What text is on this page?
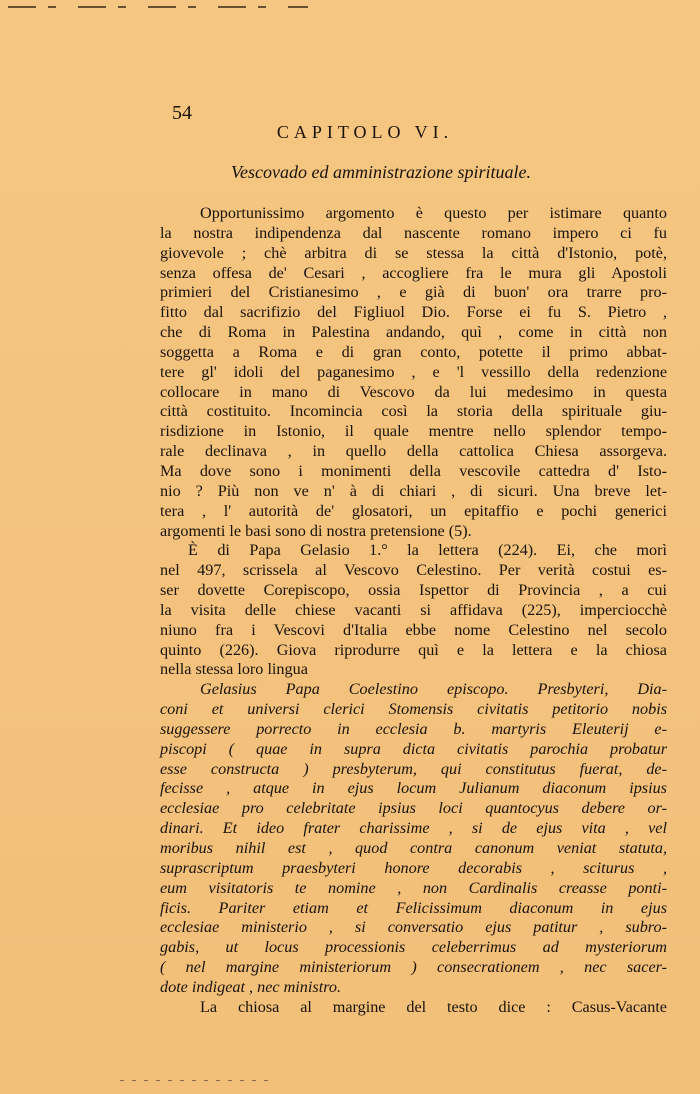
54
CAPITOLO VI.
Vescovado ed amministrazione spirituale.
Opportunissimo argomento è questo per istimare quanto
la nostra indipendenza dal nascente romano impero ci fu
giovevole ; chè arbitra di se stessa la città d'Istonio, potè,
senza offesa de' Cesari , accogliere fra le mura gli Apostoli
primieri del Cristianesimo , e già di buon' ora trarre pro-
fitto dal sacrifizio del Figliuol Dio. Forse ei fu S. Pietro ,
che di Roma in Palestina andando, quì , come in città non
soggetta a Roma e di gran conto, potette il primo abbat-
tere gl' idoli del paganesimo , e 'l vessillo della redenzione
collocare in mano di Vescovo da lui medesimo in questa
città costituito. Incomincia così la storia della spirituale giu-
risdizione in Istonio, il quale mentre nello splendor tempo-
rale declinava , in quello della cattolica Chiesa assorgeva.
Ma dove sono i monimenti della vescovile cattedra d' Isto-
nio ? Più non ve n' à di chiari , di sicuri. Una breve let-
tera , l' autorità de' glosatori, un epitaffio e pochi generici
argomenti le basi sono di nostra pretensione (5).
È di Papa Gelasio 1.° la lettera (224). Ei, che morì
nel 497, scrissela al Vescovo Celestino. Per verità costui es-
ser dovette Corepiscopo, ossia Ispettor di Provincia , a cui
la visita delle chiese vacanti si affidava (225), imperciocchè
niuno fra i Vescovi d'Italia ebbe nome Celestino nel secolo
quinto (226). Giova riprodurre quì e la lettera e la chiosa
nella stessa loro lingua
Gelasius Papa Coelestino episcopo. Presbyteri, Dia-
coni et universi clerici Stomensis civitatis petitorio nobis
suggessere porrecto in ecclesia b. martyris Eleuterij e-
piscopi ( quae in supra dicta civitatis parochia probatur
esse constructa ) presbyterum, qui constitutus fuerat, de-
fecisse , atque in ejus locum Julianum diaconum ipsius
ecclesiae pro celebritate ipsius loci quantocyus debere or-
dinari. Et ideo frater charissime , si de ejus vita , vel
moribus nihil est , quod contra canonum veniat statuta,
suprascriptum praesbyteri honore decorabis , sciturus ,
eum visitatoris te nomine , non Cardinalis creasse ponti-
ficis. Pariter etiam et Felicissimum diaconum in ejus
ecclesiae ministerio , si conversatio ejus patitur , subro-
gabis, ut locus processionis celeberrimus ad mysteriorum
( nel margine ministeriorum ) consecrationem , nec sacer-
dote indigeat , nec ministro.
La chiosa al margine del testo dice : Casus-Vacante
